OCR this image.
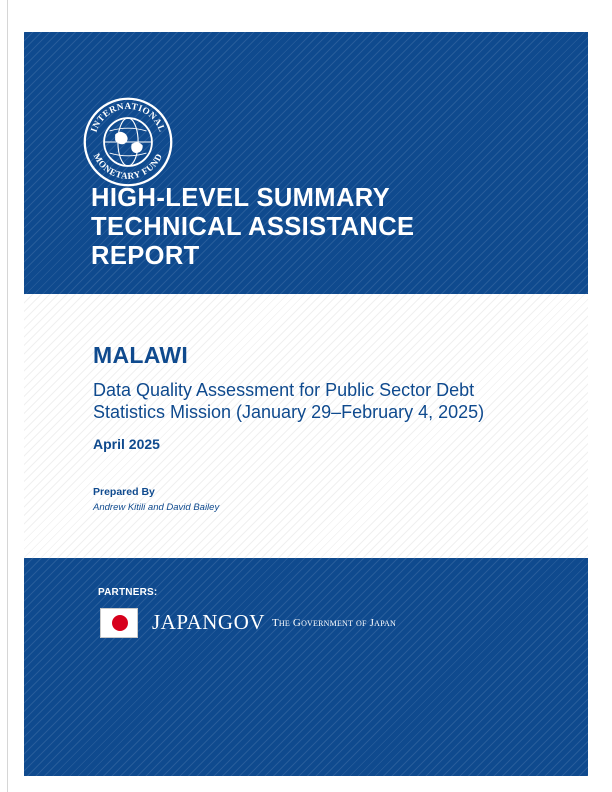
INTERNATIONAL
MONETARY FUND
HIGH-LEVEL SUMMARY
TECHNICAL ASSISTANCE
REPORT
MALAWI
Data Quality Assessment for Public Sector Debt
Statistics Mission (January 29–February 4, 2025)
April 2025
Prepared By
Andrew Kitili and David Bailey
PARTNERS:
JAPANGOV The Government of Japan
